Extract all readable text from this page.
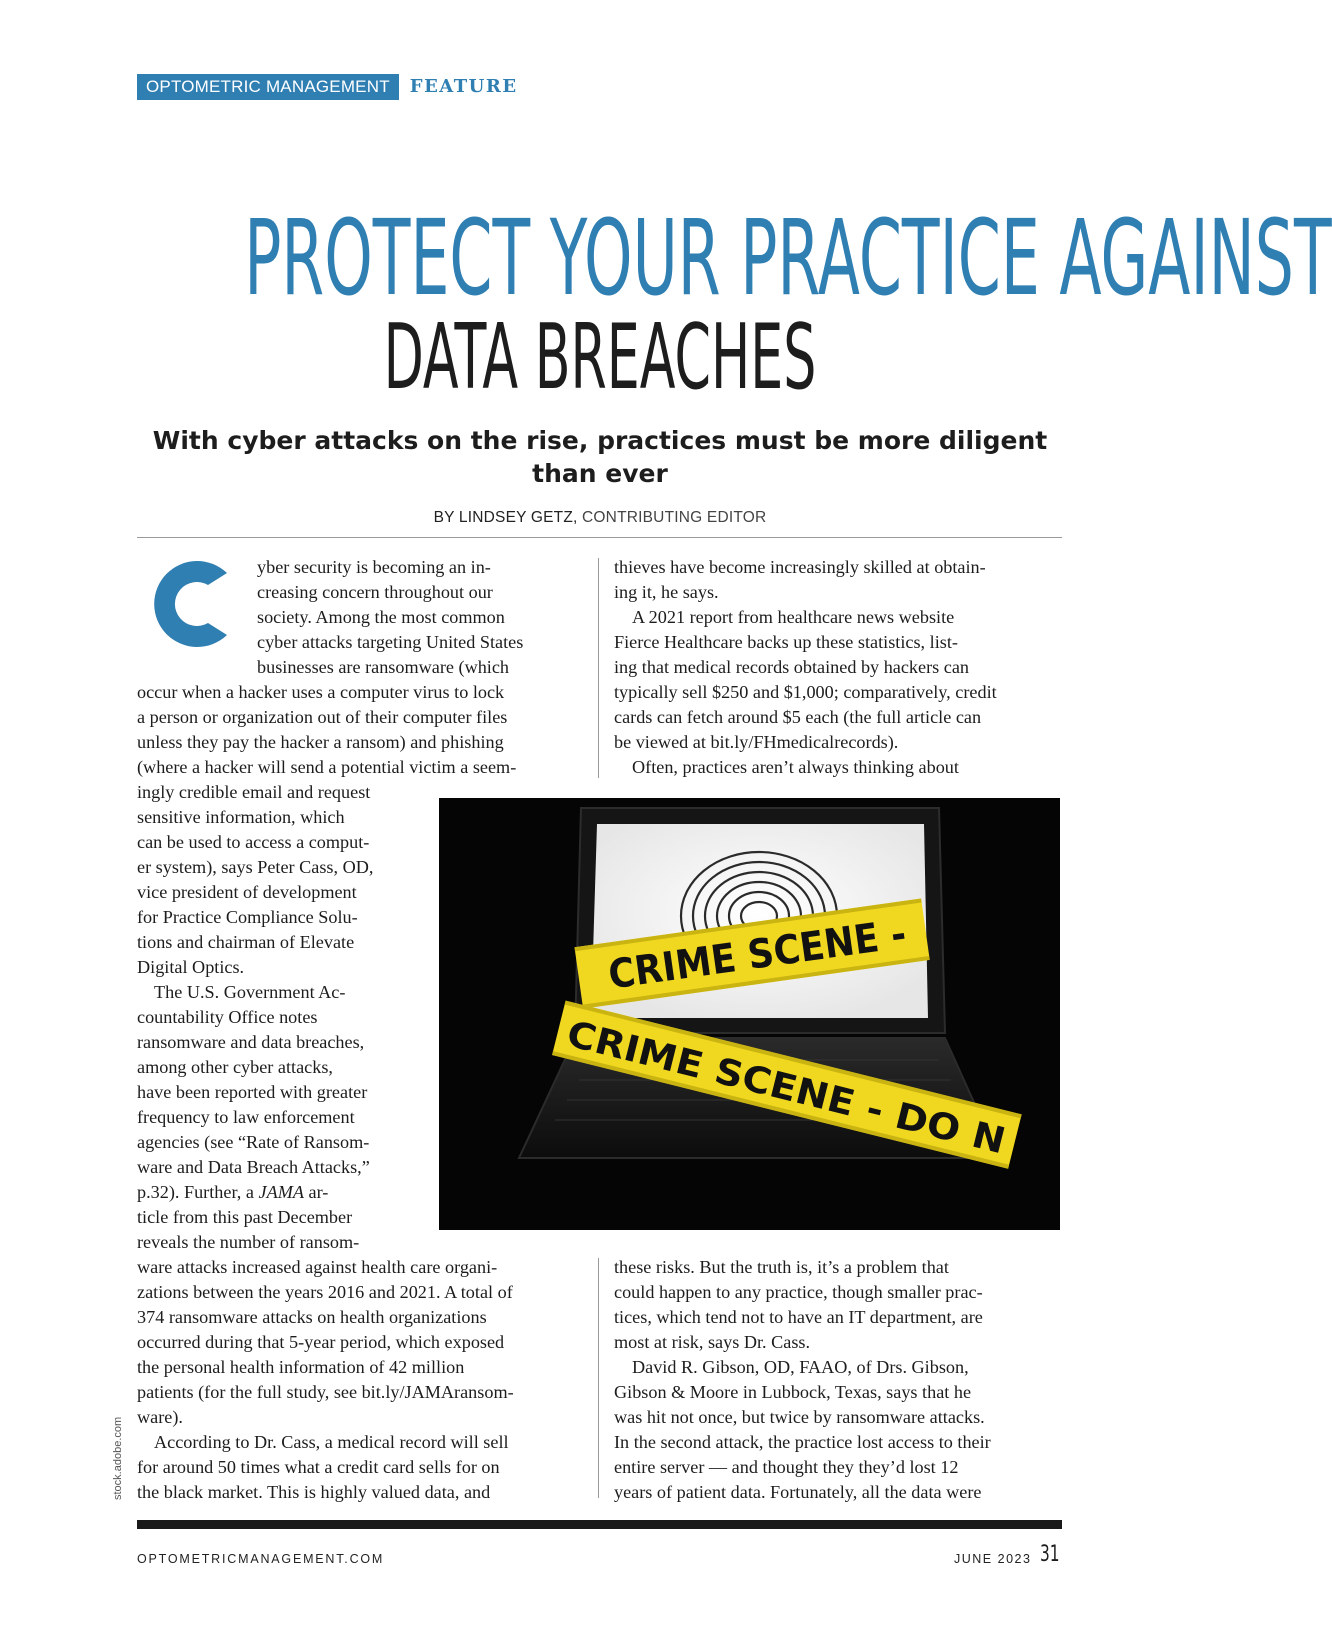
OPTOMETRIC MANAGEMENT	FEATURE
PROTECT YOUR PRACTICE AGAINST
DATA BREACHES
With cyber attacks on the rise, practices must be more diligent than ever
BY LINDSEY GETZ, CONTRIBUTING EDITOR
yber security is becoming an in-
creasing concern throughout our
society. Among the most common
cyber attacks targeting United States
businesses are ransomware (which
occur when a hacker uses a computer virus to lock
a person or organization out of their computer files
unless they pay the hacker a ransom) and phishing
(where a hacker will send a potential victim a seem-
ingly credible email and request
sensitive information, which
can be used to access a comput-
er system), says Peter Cass, OD,
vice president of development
for Practice Compliance Solu-
tions and chairman of Elevate
Digital Optics.
The U.S. Government Ac-
countability Office notes
ransomware and data breaches,
among other cyber attacks,
have been reported with greater
frequency to law enforcement
agencies (see “Rate of Ransom-
ware and Data Breach Attacks,”
p.32). Further, a JAMA ar-
ticle from this past December
reveals the number of ransom-
ware attacks increased against health care organi-
zations between the years 2016 and 2021. A total of
374 ransomware attacks on health organizations
occurred during that 5-year period, which exposed
the personal health information of 42 million
patients (for the full study, see bit.ly/JAMAransom-
ware).
According to Dr. Cass, a medical record will sell
for around 50 times what a credit card sells for on
the black market. This is highly valued data, and
thieves have become increasingly skilled at obtain-
ing it, he says.
A 2021 report from healthcare news website
Fierce Healthcare backs up these statistics, list-
ing that medical records obtained by hackers can
typically sell $250 and $1,000; comparatively, credit
cards can fetch around $5 each (the full article can
be viewed at bit.ly/FHmedicalrecords).
Often, practices aren’t always thinking about
these risks. But the truth is, it’s a problem that
could happen to any practice, though smaller prac-
tices, which tend not to have an IT department, are
most at risk, says Dr. Cass.
David R. Gibson, OD, FAAO, of Drs. Gibson,
Gibson & Moore in Lubbock, Texas, says that he
was hit not once, but twice by ransomware attacks.
In the second attack, the practice lost access to their
entire server — and thought they they’d lost 12
years of patient data. Fortunately, all the data were
CRIME SCENE -
CRIME SCENE - DO N
stock.adobe.com
OPTOMETRICMANAGEMENT.COM	JUNE 2023 31
